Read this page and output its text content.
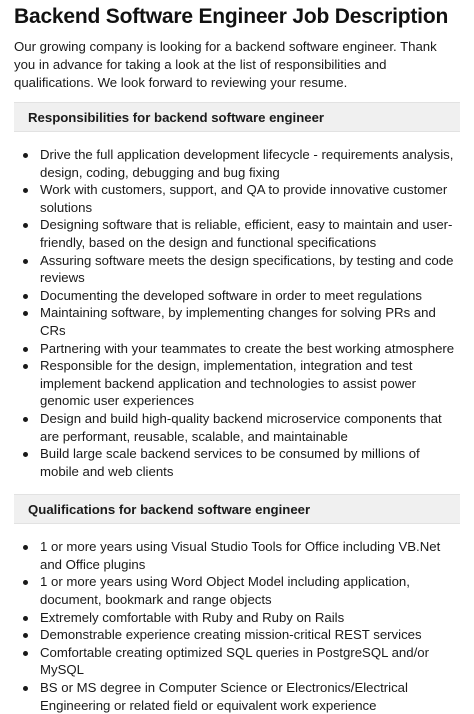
Backend Software Engineer Job Description

Our growing company is looking for a backend software engineer. Thank you in advance for taking a look at the list of responsibilities and qualifications. We look forward to reviewing your resume.

Responsibilities for backend software engineer
Drive the full application development lifecycle - requirements analysis, design, coding, debugging and bug fixing
Work with customers, support, and QA to provide innovative customer solutions
Designing software that is reliable, efficient, easy to maintain and user-friendly, based on the design and functional specifications
Assuring software meets the design specifications, by testing and code reviews
Documenting the developed software in order to meet regulations
Maintaining software, by implementing changes for solving PRs and CRs
Partnering with your teammates to create the best working atmosphere
Responsible for the design, implementation, integration and test implement backend application and technologies to assist power genomic user experiences
Design and build high-quality backend microservice components that are performant, reusable, scalable, and maintainable
Build large scale backend services to be consumed by millions of mobile and web clients
Qualifications for backend software engineer
1 or more years using Visual Studio Tools for Office including VB.Net and Office plugins
1 or more years using Word Object Model including application, document, bookmark and range objects
Extremely comfortable with Ruby and Ruby on Rails
Demonstrable experience creating mission-critical REST services
Comfortable creating optimized SQL queries in PostgreSQL and/or MySQL
BS or MS degree in Computer Science or Electronics/Electrical Engineering or related field or equivalent work experience
